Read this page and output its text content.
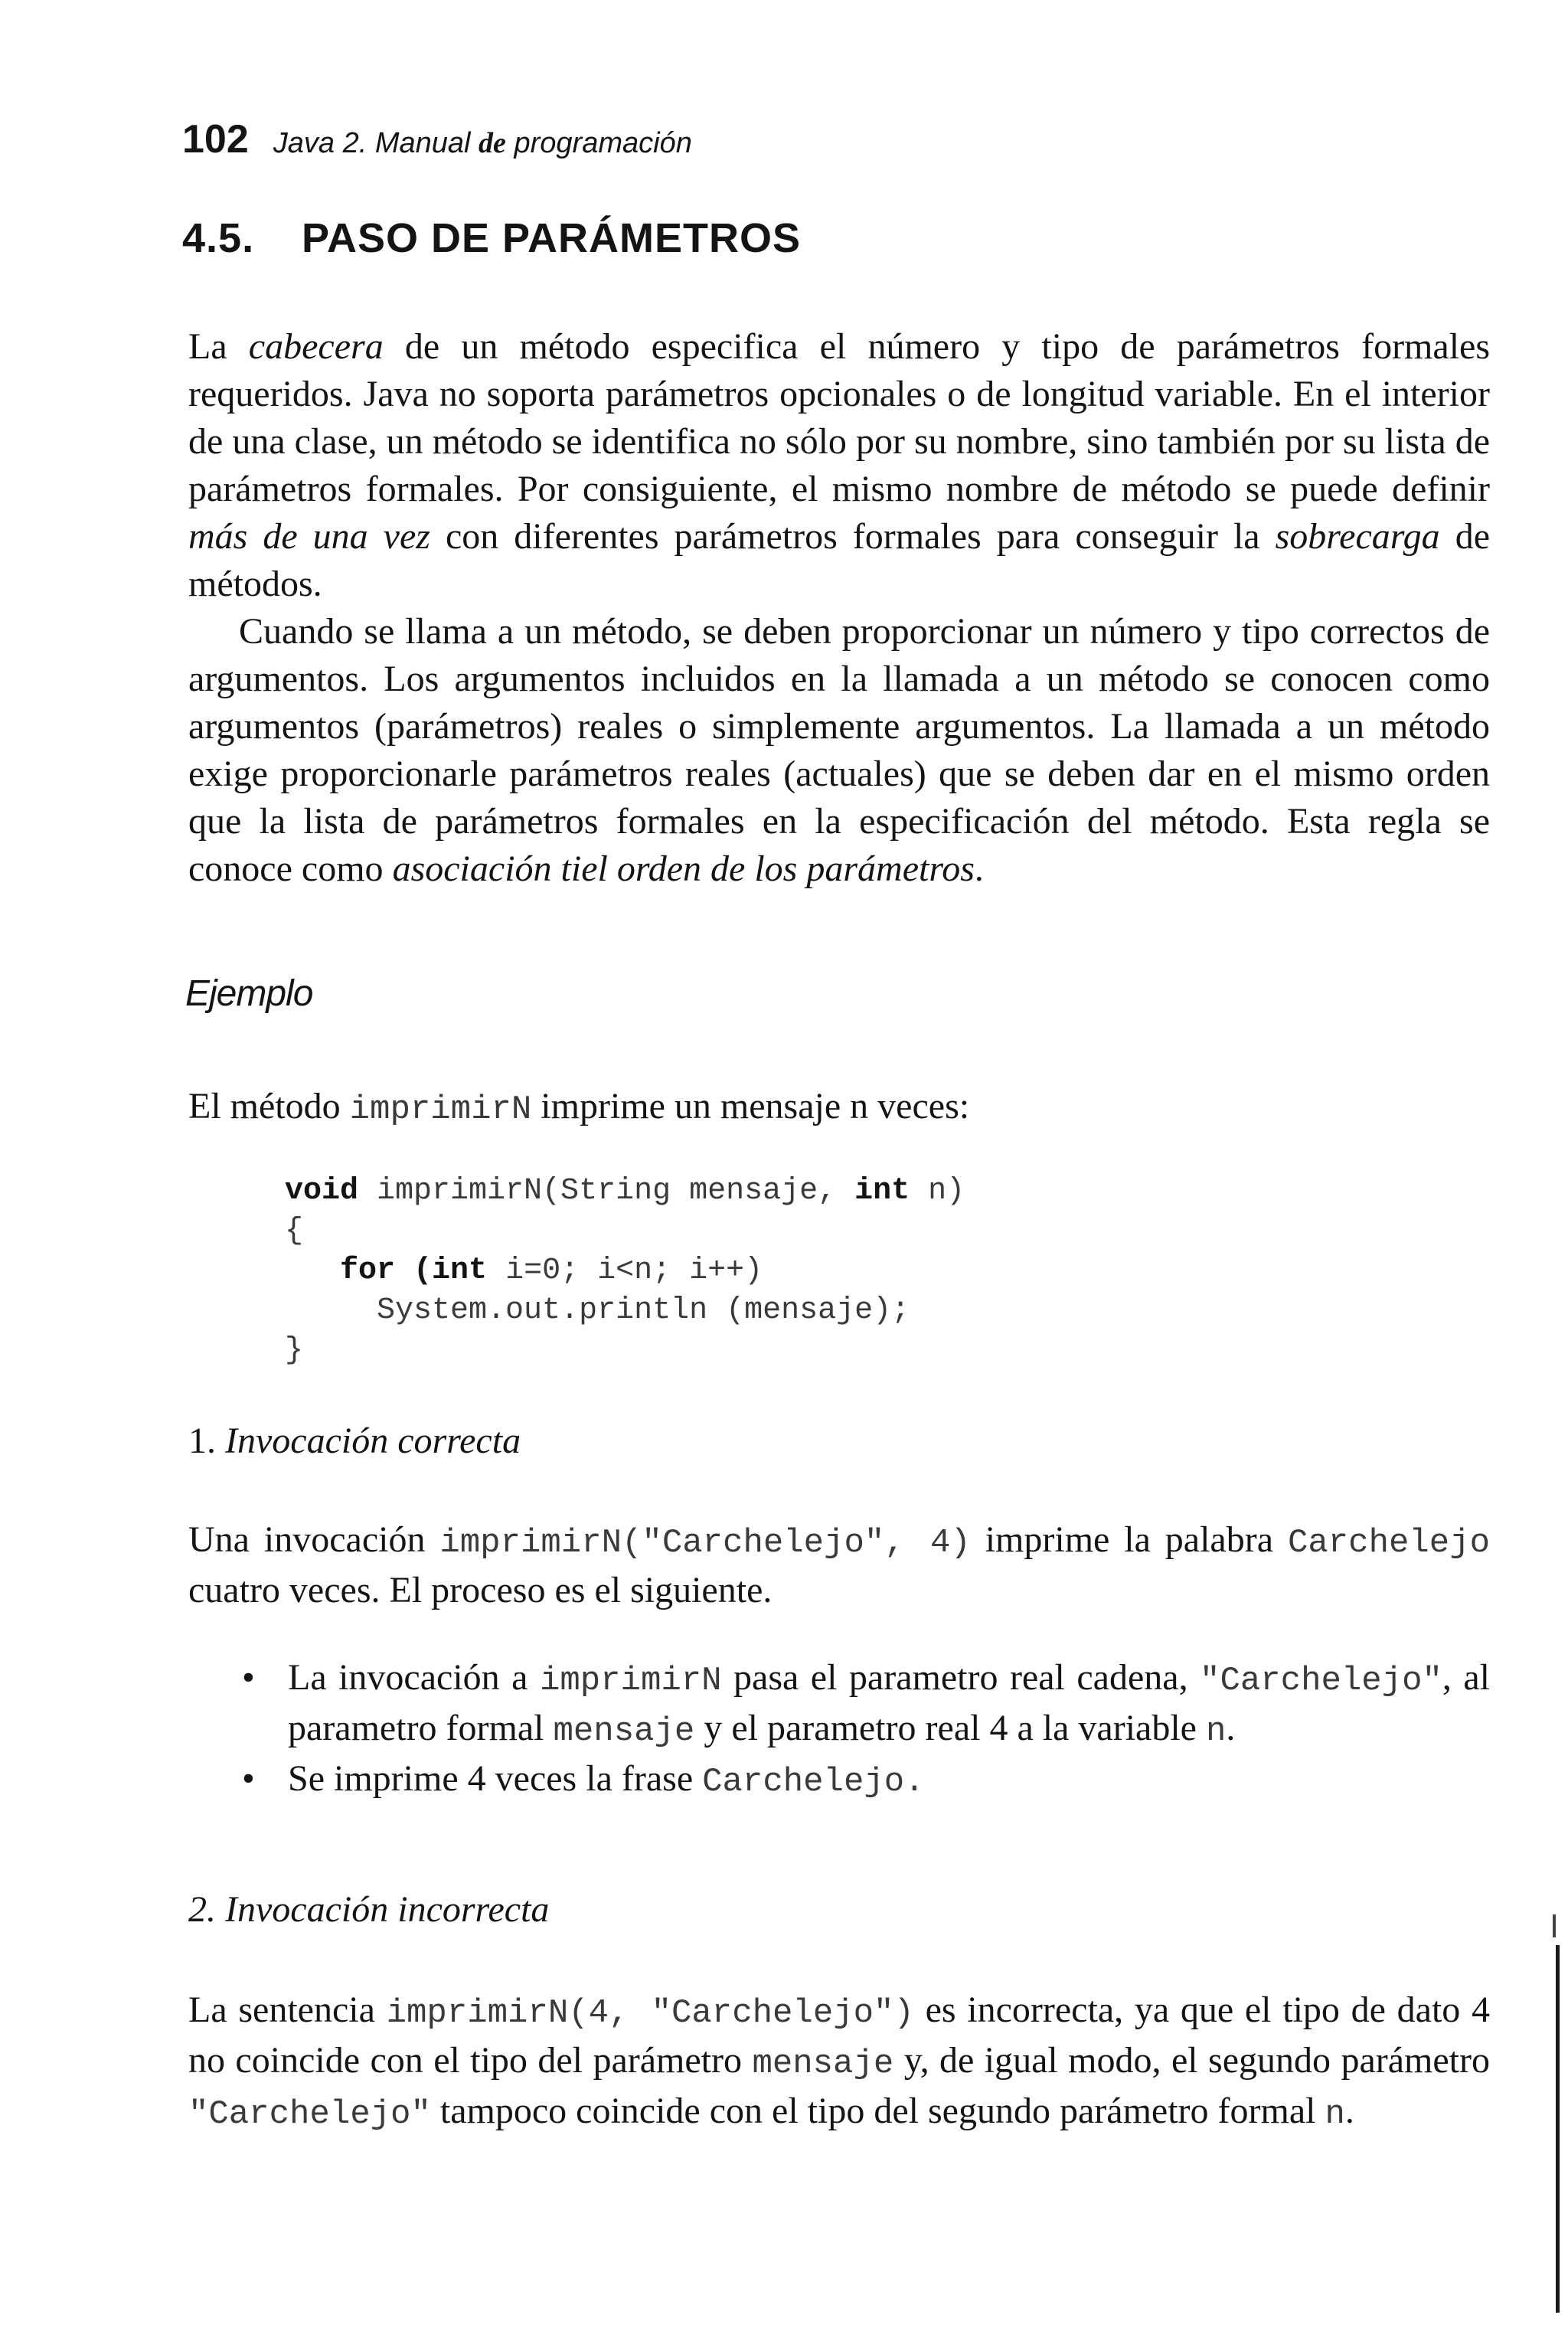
102 Java 2. Manual de programación
4.5. PASO DE PARÁMETROS

La cabecera de un método especifica el número y tipo de parámetros formales requeridos. Java no soporta parámetros opcionales o de longitud variable. En el interior de una clase, un método se identifica no sólo por su nombre, sino también por su lista de parámetros formales. Por consiguiente, el mismo nombre de método se puede definir más de una vez con diferentes parámetros formales para conseguir la sobrecarga de métodos.

Cuando se llama a un método, se deben proporcionar un número y tipo correctos de argumentos. Los argumentos incluidos en la llamada a un método se conocen como argumentos (parámetros) reales o simplemente argumentos. La llamada a un método exige proporcionarle parámetros reales (actuales) que se deben dar en el mismo orden que la lista de parámetros formales en la especificación del método. Esta regla se conoce como asociación tiel orden de los parámetros.

Ejemplo

El método imprimirN imprime un mensaje n veces:

void imprimirN(String mensaje, int n)
{
for (int i=0; i<n; i++)
System.out.println (mensaje);
}
1. Invocación correcta

Una invocación imprimirN("Carchelejo", 4) imprime la palabra Carchelejo cuatro veces. El proceso es el siguiente.

• La invocación a imprimirN pasa el parametro real cadena, "Carchelejo", al parametro formal mensaje y el parametro real 4 a la variable n.
• Se imprime 4 veces la frase Carchelejo.
2. Invocación incorrecta

La sentencia imprimirN(4, "Carchelejo") es incorrecta, ya que el tipo de dato 4 no coincide con el tipo del parámetro mensaje y, de igual modo, el segundo parámetro "Carchelejo" tampoco coincide con el tipo del segundo parámetro formal n.
